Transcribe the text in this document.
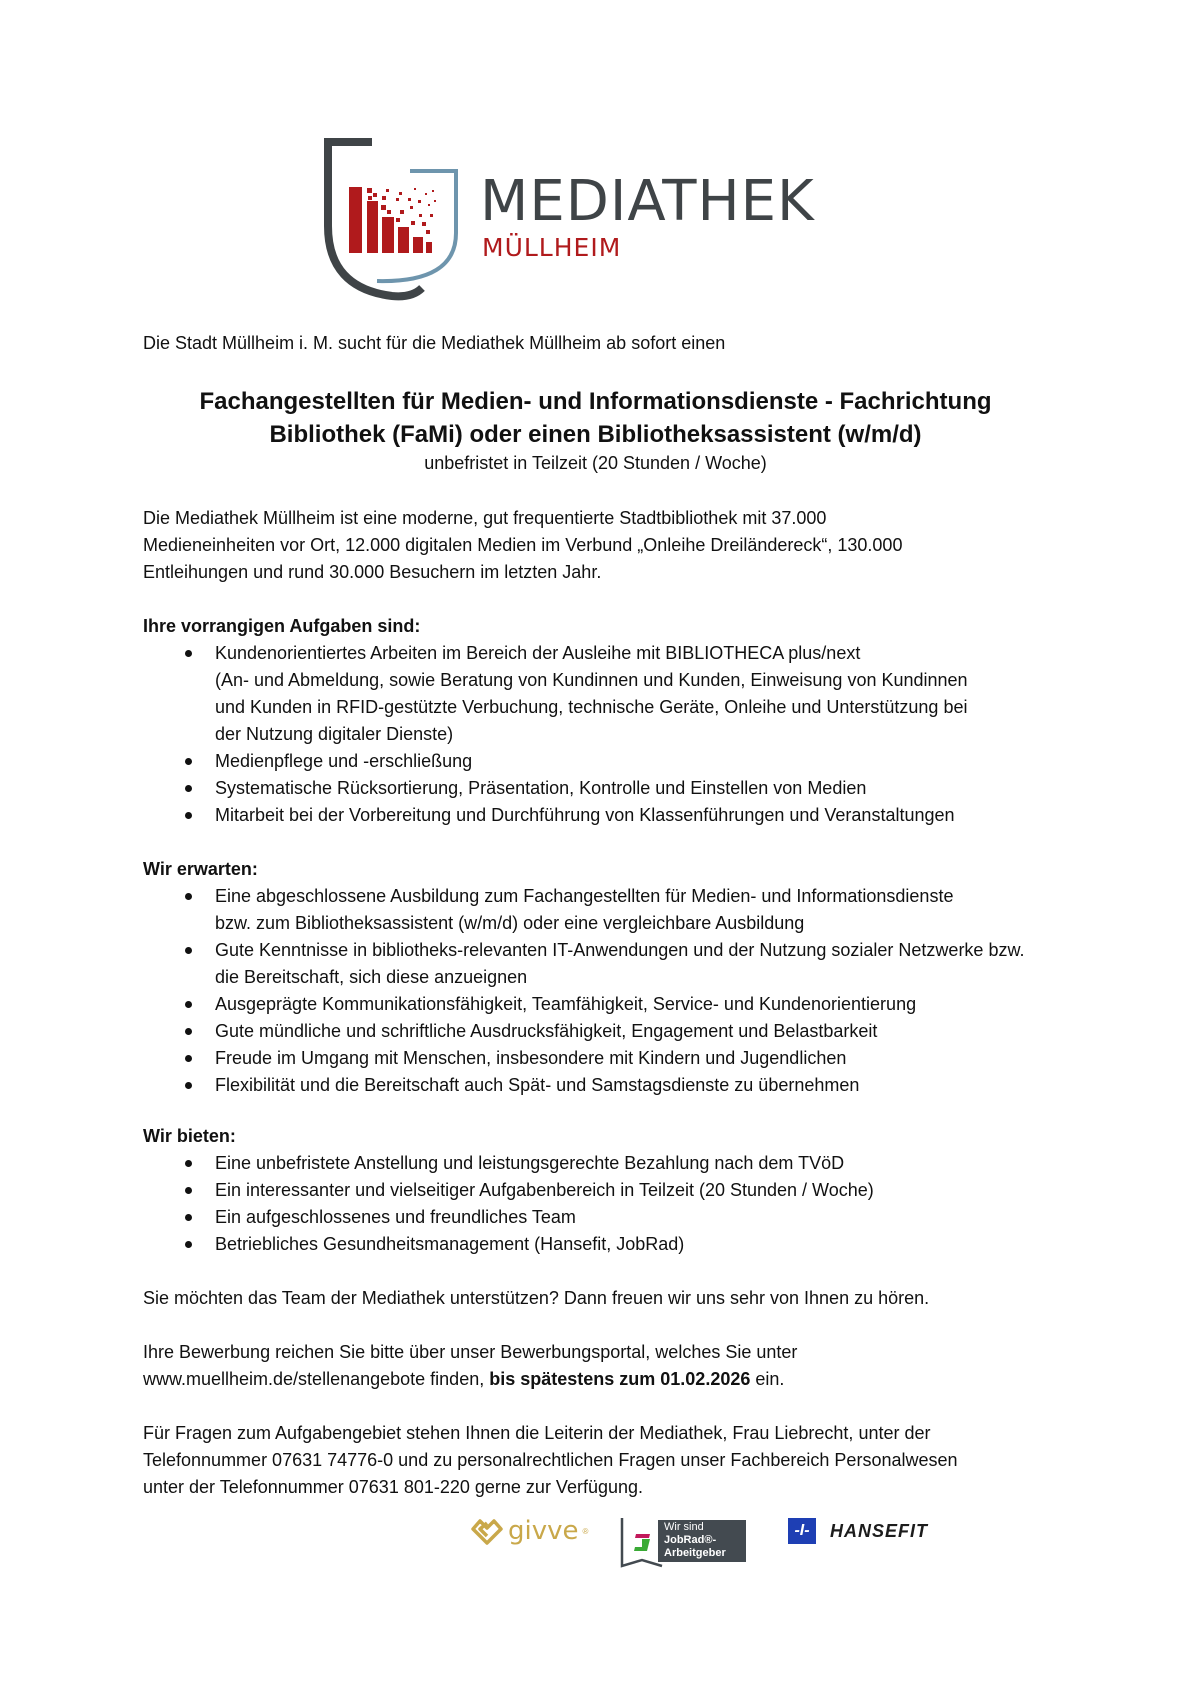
MEDIATHEK
MÜLLHEIM

Die Stadt Müllheim i. M. sucht für die Mediathek Müllheim ab sofort einen

Fachangestellten für Medien- und Informationsdienste - Fachrichtung
Bibliothek (FaMi) oder einen Bibliotheksassistent (w/m/d)

unbefristet in Teilzeit (20 Stunden / Woche)

Die Mediathek Müllheim ist eine moderne, gut frequentierte Stadtbibliothek mit 37.000
Medieneinheiten vor Ort, 12.000 digitalen Medien im Verbund „Onleihe Dreiländereck“, 130.000
Entleihungen und rund 30.000 Besuchern im letzten Jahr.

Ihre vorrangigen Aufgaben sind:

Kundenorientiertes Arbeiten im Bereich der Ausleihe mit BIBLIOTHECA plus/next
(An- und Abmeldung, sowie Beratung von Kundinnen und Kunden, Einweisung von Kundinnen
und Kunden in RFID-gestützte Verbuchung, technische Geräte, Onleihe und Unterstützung bei
der Nutzung digitaler Dienste)
Medienpflege und -erschließung
Systematische Rücksortierung, Präsentation, Kontrolle und Einstellen von Medien
Mitarbeit bei der Vorbereitung und Durchführung von Klassenführungen und Veranstaltungen

Wir erwarten:

Eine abgeschlossene Ausbildung zum Fachangestellten für Medien- und Informationsdienste
bzw. zum Bibliotheksassistent (w/m/d) oder eine vergleichbare Ausbildung
Gute Kenntnisse in bibliotheks-relevanten IT-Anwendungen und der Nutzung sozialer Netzwerke bzw.
die Bereitschaft, sich diese anzueignen
Ausgeprägte Kommunikationsfähigkeit, Teamfähigkeit, Service- und Kundenorientierung
Gute mündliche und schriftliche Ausdrucksfähigkeit, Engagement und Belastbarkeit
Freude im Umgang mit Menschen, insbesondere mit Kindern und Jugendlichen
Flexibilität und die Bereitschaft auch Spät- und Samstagsdienste zu übernehmen

Wir bieten:

Eine unbefristete Anstellung und leistungsgerechte Bezahlung nach dem TVöD
Ein interessanter und vielseitiger Aufgabenbereich in Teilzeit (20 Stunden / Woche)
Ein aufgeschlossenes und freundliches Team
Betriebliches Gesundheitsmanagement (Hansefit, JobRad)

Sie möchten das Team der Mediathek unterstützen? Dann freuen wir uns sehr von Ihnen zu hören.

Ihre Bewerbung reichen Sie bitte über unser Bewerbungsportal, welches Sie unter
www.muellheim.de/stellenangebote finden, bis spätestens zum 01.02.2026 ein.
Für Fragen zum Aufgabengebiet stehen Ihnen die Leiterin der Mediathek, Frau Liebrecht, unter der
Telefonnummer 07631 74776-0 und zu personalrechtlichen Fragen unser Fachbereich Personalwesen
unter der Telefonnummer 07631 801-220 gerne zur Verfügung.
givve ®	Wir sind
JobRad®-
Arbeitgeber
-I-	HANSEFIT
